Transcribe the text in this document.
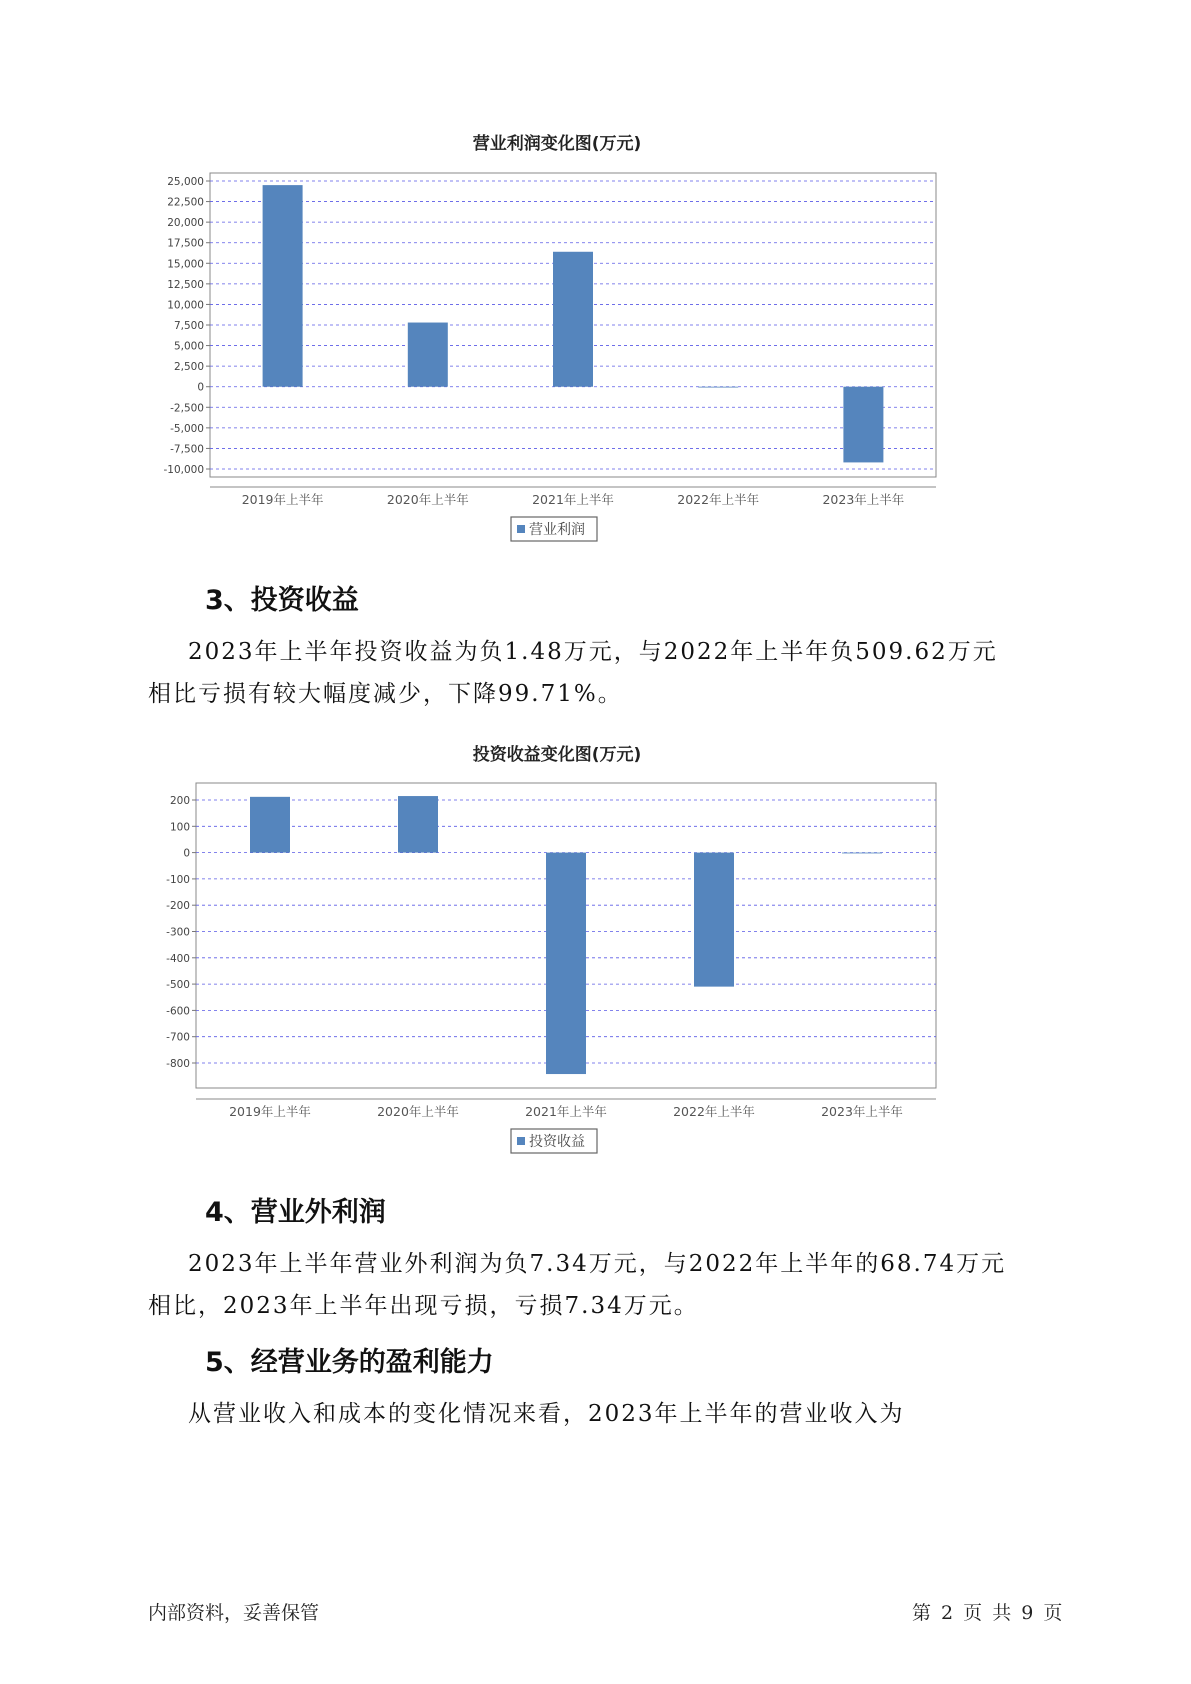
营业利润变化图(万元)
25,000
22,500
20,000
17,500
15,000
12,500
10,000
7,500
5,000
2,500
0
-2,500
-5,000
-7,500
-10,000
2019年上半年	2020年上半年	2021年上半年	2022年上半年	2023年上半年
营业利润
3、投资收益

2023年上半年投资收益为负1.48万元，与2022年上半年负509.62万元

相比亏损有较大幅度减少，下降99.71%。

投资收益变化图(万元)
200
100
0
-100
-200
-300
-400
-500
-600
-700
-800
2019年上半年	2020年上半年	2021年上半年	2022年上半年	2023年上半年
投资收益
4、营业外利润

2023年上半年营业外利润为负7.34万元，与2022年上半年的68.74万元

相比，2023年上半年出现亏损，亏损7.34万元。

5、经营业务的盈利能力

从营业收入和成本的变化情况来看，2023年上半年的营业收入为

内部资料，妥善保管	第 2 页 共 9 页
